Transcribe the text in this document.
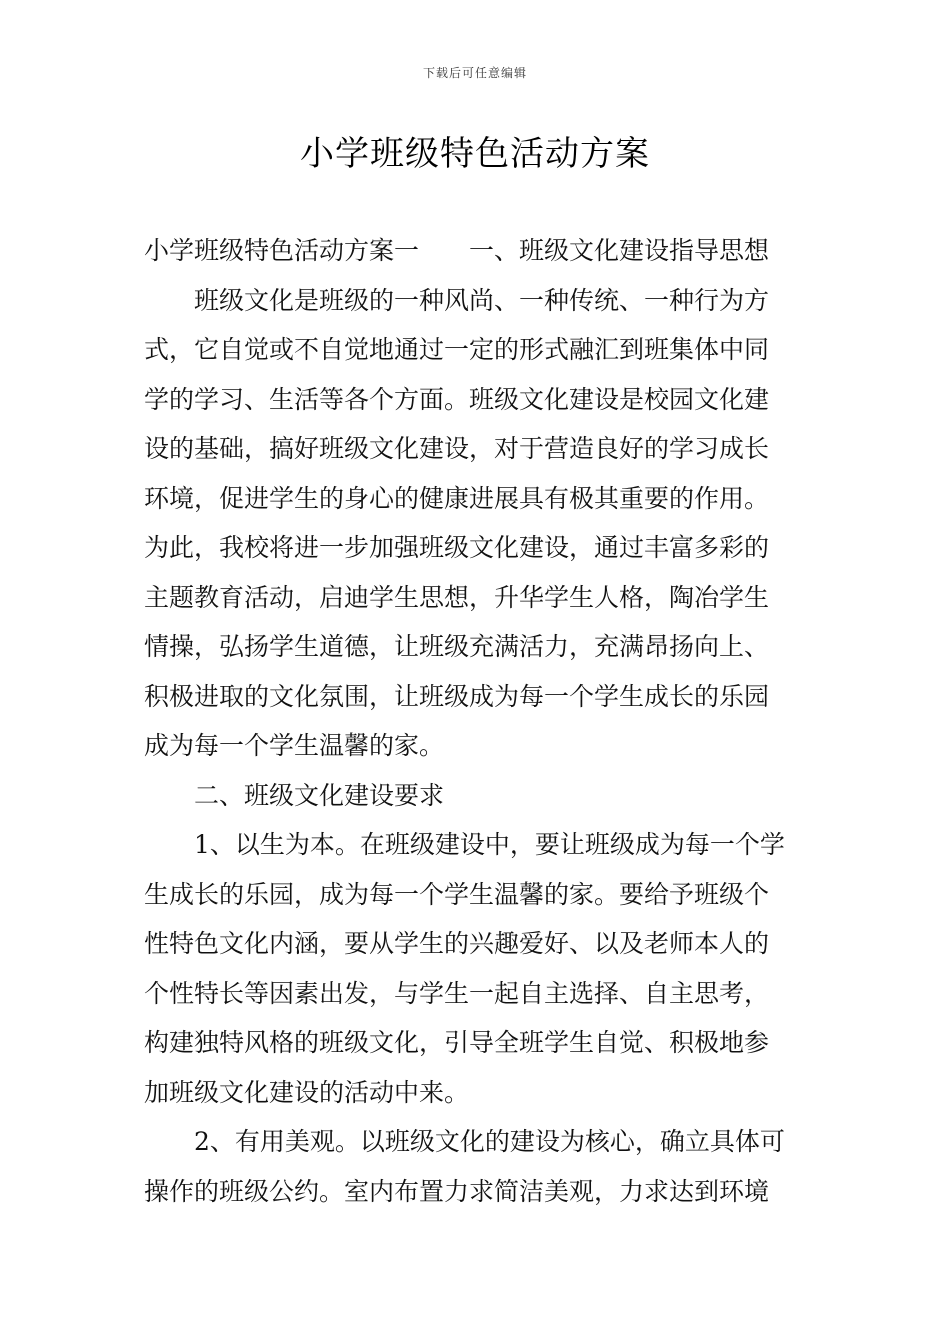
下载后可任意编辑
小学班级特色活动方案

小学班级特色活动方案一 一、班级文化建设指导思想

班级文化是班级的一种风尚、一种传统、一种行为方
式，它自觉或不自觉地通过一定的形式融汇到班集体中同
学的学习、生活等各个方面。班级文化建设是校园文化建
设的基础，搞好班级文化建设，对于营造良好的学习成长
环境，促进学生的身心的健康进展具有极其重要的作用。
为此，我校将进一步加强班级文化建设，通过丰富多彩的
主题教育活动，启迪学生思想，升华学生人格，陶冶学生
情操，弘扬学生道德，让班级充满活力，充满昂扬向上、
积极进取的文化氛围，让班级成为每一个学生成长的乐园
成为每一个学生温馨的家。

二、班级文化建设要求

1、以生为本。在班级建设中，要让班级成为每一个学
生成长的乐园，成为每一个学生温馨的家。要给予班级个
性特色文化内涵，要从学生的兴趣爱好、以及老师本人的
个性特长等因素出发，与学生一起自主选择、自主思考，
构建独特风格的班级文化，引导全班学生自觉、积极地参
加班级文化建设的活动中来。

2、有用美观。以班级文化的建设为核心，确立具体可
操作的班级公约。室内布置力求简洁美观，力求达到环境
